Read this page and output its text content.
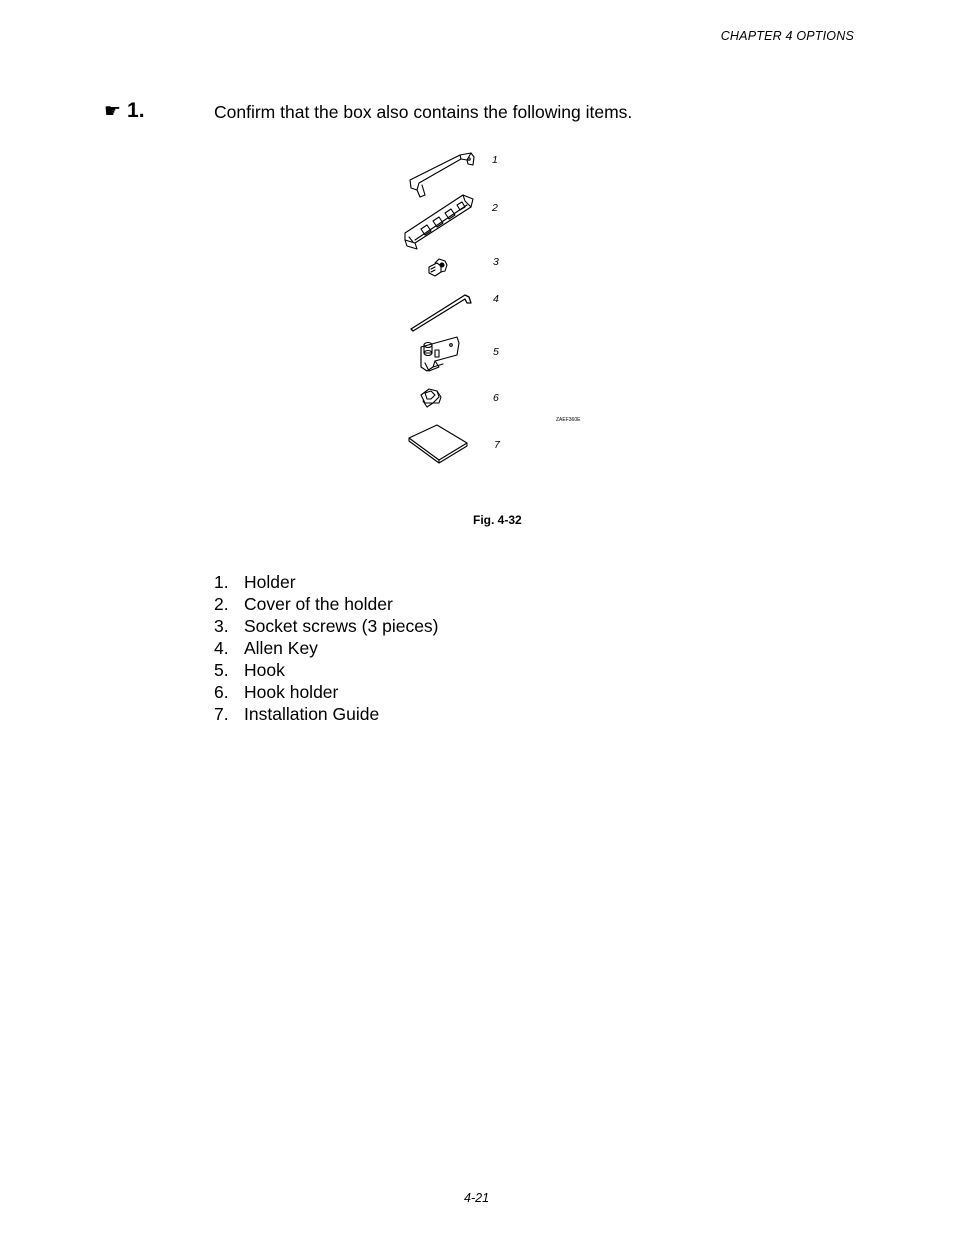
CHAPTER 4 OPTIONS
☛ 1.	Confirm that the box also contains the following items.
1
2
3
4
5
6
7
ZAEF360E
Fig. 4-32
1. Holder
2. Cover of the holder
3. Socket screws (3 pieces)
4. Allen Key
5. Hook
6. Hook holder
7. Installation Guide
4-21
